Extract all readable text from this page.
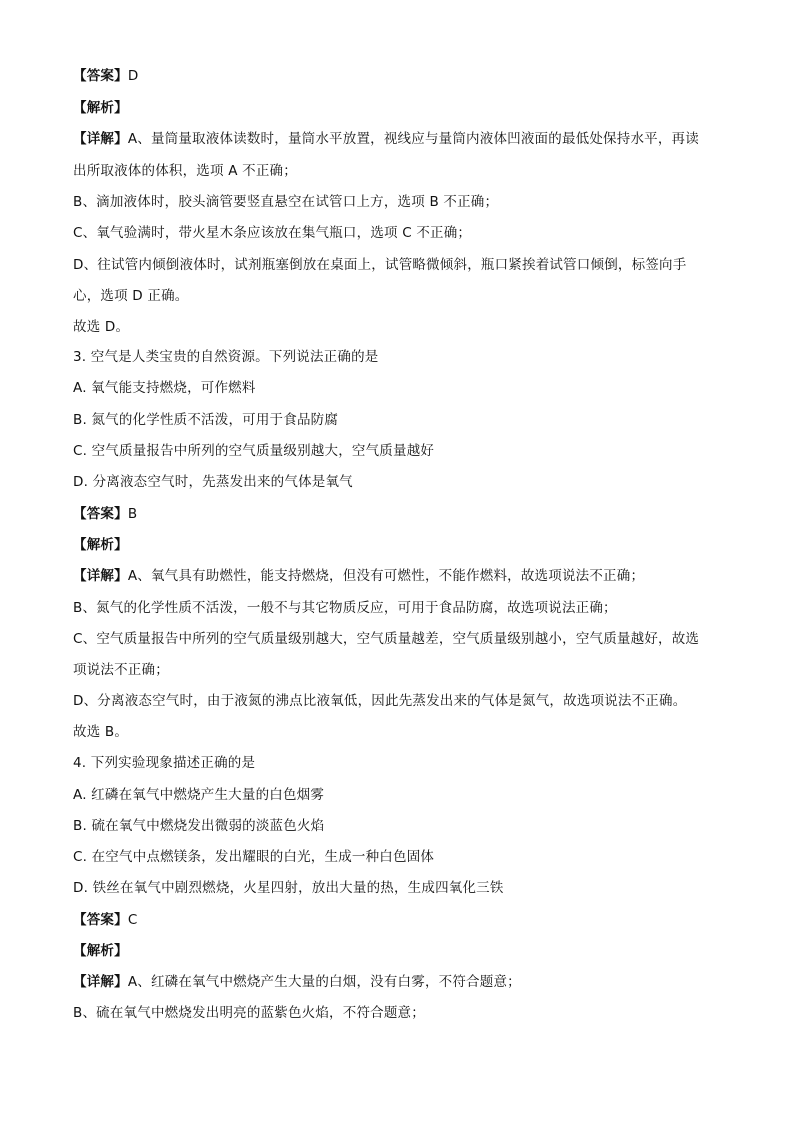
【答案】D
【解析】
【详解】A、量筒量取液体读数时，量筒水平放置，视线应与量筒内液体凹液面的最低处保持水平，再读
出所取液体的体积，选项 A 不正确；
B、滴加液体时，胶头滴管要竖直悬空在试管口上方，选项 B 不正确；
C、氧气验满时，带火星木条应该放在集气瓶口，选项 C 不正确；
D、往试管内倾倒液体时，试剂瓶塞倒放在桌面上，试管略微倾斜，瓶口紧挨着试管口倾倒，标签向手
心，选项 D 正确。
故选 D。
3. 空气是人类宝贵的自然资源。下列说法正确的是
A. 氧气能支持燃烧，可作燃料
B. 氮气的化学性质不活泼，可用于食品防腐
C. 空气质量报告中所列的空气质量级别越大，空气质量越好
D. 分离液态空气时，先蒸发出来的气体是氧气
【答案】B
【解析】
【详解】A、氧气具有助燃性，能支持燃烧，但没有可燃性，不能作燃料，故选项说法不正确；
B、氮气的化学性质不活泼，一般不与其它物质反应，可用于食品防腐，故选项说法正确；
C、空气质量报告中所列的空气质量级别越大，空气质量越差，空气质量级别越小，空气质量越好，故选
项说法不正确；
D、分离液态空气时，由于液氮的沸点比液氧低，因此先蒸发出来的气体是氮气，故选项说法不正确。
故选 B。
4. 下列实验现象描述正确的是
A. 红磷在氧气中燃烧产生大量的白色烟雾
B. 硫在氧气中燃烧发出微弱的淡蓝色火焰
C. 在空气中点燃镁条，发出耀眼的白光，生成一种白色固体
D. 铁丝在氧气中剧烈燃烧，火星四射，放出大量的热，生成四氧化三铁
【答案】C
【解析】
【详解】A、红磷在氧气中燃烧产生大量的白烟，没有白雾，不符合题意；
B、硫在氧气中燃烧发出明亮的蓝紫色火焰，不符合题意；
